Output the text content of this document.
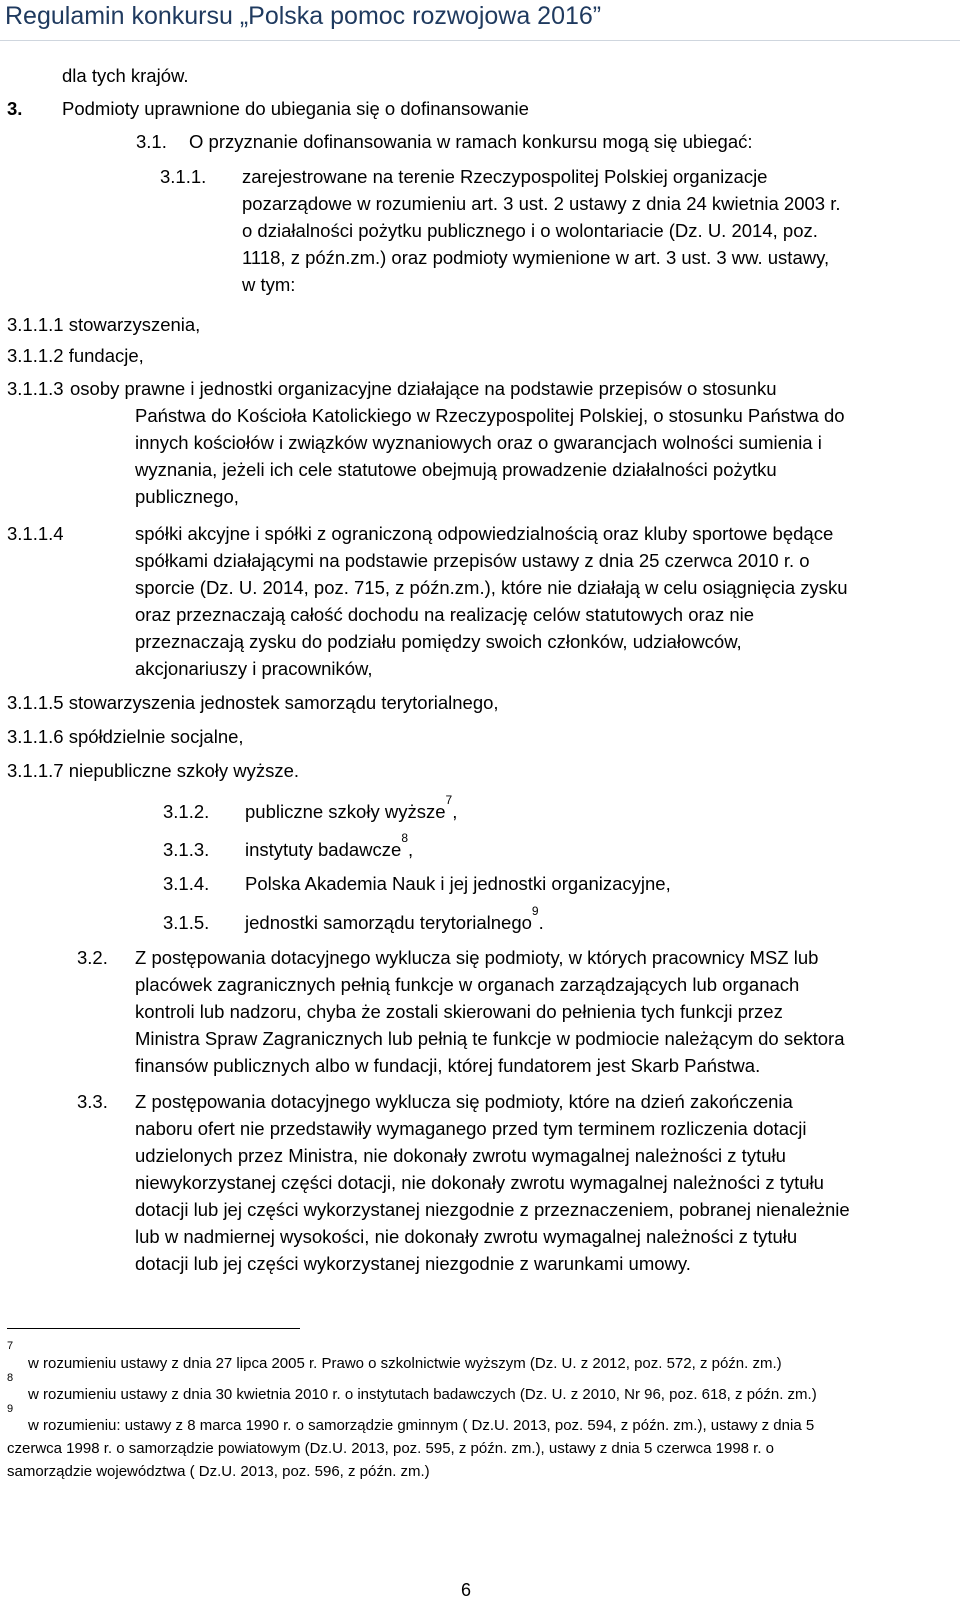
Regulamin konkursu „Polska pomoc rozwojowa 2016”
dla tych krajów.
3. Podmioty uprawnione do ubiegania się o dofinansowanie
3.1. O przyznanie dofinansowania w ramach konkursu mogą się ubiegać:
3.1.1. zarejestrowane na terenie Rzeczypospolitej Polskiej organizacje
pozarządowe w rozumieniu art. 3 ust. 2 ustawy z dnia 24 kwietnia 2003 r.
o działalności pożytku publicznego i o wolontariacie (Dz. U. 2014, poz.
1118, z późn.zm.) oraz podmioty wymienione w art. 3 ust. 3 ww. ustawy,
w tym:
3.1.1.1 stowarzyszenia,
3.1.1.2 fundacje,
3.1.1.3 osoby prawne i jednostki organizacyjne działające na podstawie przepisów o stosunku
Państwa do Kościoła Katolickiego w Rzeczypospolitej Polskiej, o stosunku Państwa do
innych kościołów i związków wyznaniowych oraz o gwarancjach wolności sumienia i
wyznania, jeżeli ich cele statutowe obejmują prowadzenie działalności pożytku
publicznego,
3.1.1.4	spółki akcyjne i spółki z ograniczoną odpowiedzialnością oraz kluby sportowe będące
spółkami działającymi na podstawie przepisów ustawy z dnia 25 czerwca 2010 r. o
sporcie (Dz. U. 2014, poz. 715, z późn.zm.), które nie działają w celu osiągnięcia zysku
oraz przeznaczają całość dochodu na realizację celów statutowych oraz nie
przeznaczają zysku do podziału pomiędzy swoich członków, udziałowców,
akcjonariuszy i pracowników,
3.1.1.5 stowarzyszenia jednostek samorządu terytorialnego,
3.1.1.6 spółdzielnie socjalne,
3.1.1.7 niepubliczne szkoły wyższe.
3.1.2. publiczne szkoły wyższe$^7$,
3.1.3. instytuty badawcze$^8$,
3.1.4. Polska Akademia Nauk i jej jednostki organizacyjne,
3.1.5. jednostki samorządu terytorialnego$^9$.
3.2. Z postępowania dotacyjnego wyklucza się podmioty, w których pracownicy MSZ lub
placówek zagranicznych pełnią funkcje w organach zarządzających lub organach
kontroli lub nadzoru, chyba że zostali skierowani do pełnienia tych funkcji przez
Ministra Spraw Zagranicznych lub pełnią te funkcje w podmiocie należącym do sektora
finansów publicznych albo w fundacji, której fundatorem jest Skarb Państwa.
3.3. Z postępowania dotacyjnego wyklucza się podmioty, które na dzień zakończenia
naboru ofert nie przedstawiły wymaganego przed tym terminem rozliczenia dotacji
udzielonych przez Ministra, nie dokonały zwrotu wymagalnej należności z tytułu
niewykorzystanej części dotacji, nie dokonały zwrotu wymagalnej należności z tytułu
dotacji lub jej części wykorzystanej niezgodnie z przeznaczeniem, pobranej nienależnie
lub w nadmiernej wysokości, nie dokonały zwrotu wymagalnej należności z tytułu
dotacji lub jej części wykorzystanej niezgodnie z warunkami umowy.
7
w rozumieniu ustawy z dnia 27 lipca 2005 r. Prawo o szkolnictwie wyższym (Dz. U. z 2012, poz. 572, z późn. zm.)
8
w rozumieniu ustawy z dnia 30 kwietnia 2010 r. o instytutach badawczych (Dz. U. z 2010, Nr 96, poz. 618, z późn. zm.)
9
w rozumieniu: ustawy z 8 marca 1990 r. o samorządzie gminnym ( Dz.U. 2013, poz. 594, z późn. zm.), ustawy z dnia 5
czerwca 1998 r. o samorządzie powiatowym (Dz.U. 2013, poz. 595, z późn. zm.), ustawy z dnia 5 czerwca 1998 r. o
samorządzie województwa ( Dz.U. 2013, poz. 596, z późn. zm.)
6
